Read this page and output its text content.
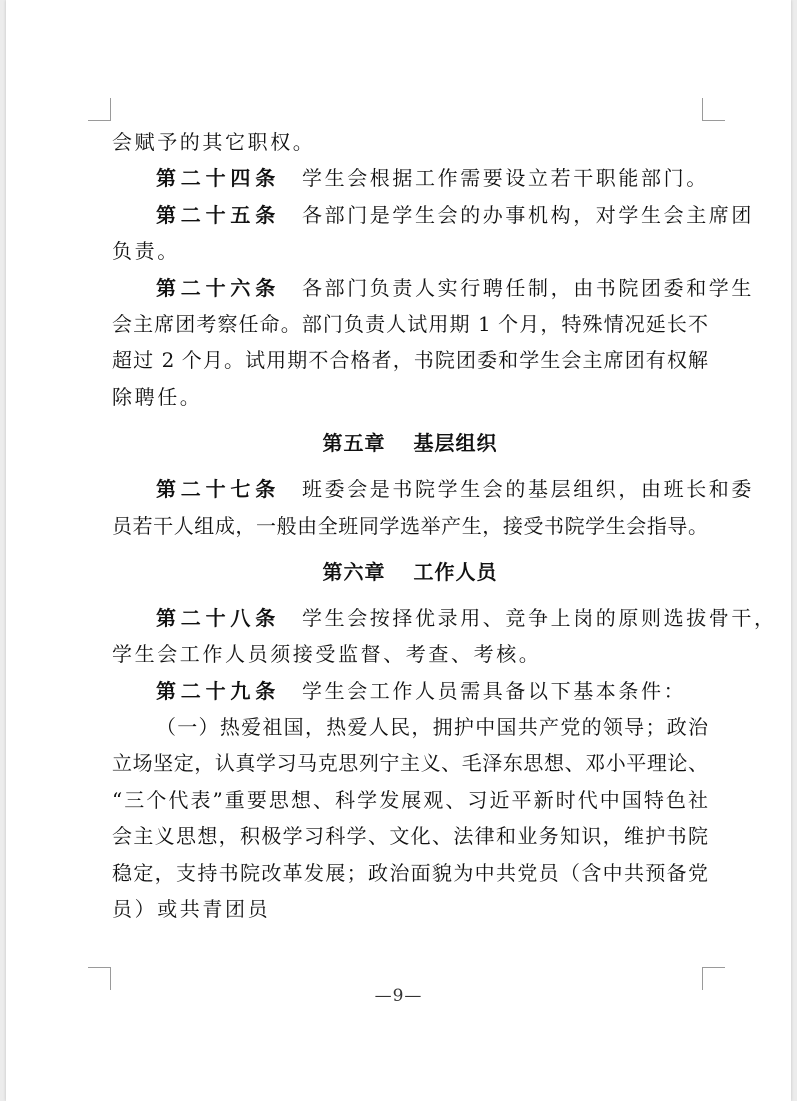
会赋予的其它职权。
第二十四条 学生会根据工作需要设立若干职能部门。
第二十五条 各部门是学生会的办事机构，对学生会主席团
负责。
第二十六条 各部门负责人实行聘任制，由书院团委和学生
会主席团考察任命。部门负责人试用期 1 个月，特殊情况延长不
超过 2 个月。试用期不合格者，书院团委和学生会主席团有权解
除聘任。
第五章 基层组织
第二十七条 班委会是书院学生会的基层组织，由班长和委
员若干人组成，一般由全班同学选举产生，接受书院学生会指导。
第六章 工作人员
第二十八条 学生会按择优录用、竞争上岗的原则选拔骨干，
学生会工作人员须接受监督、考查、考核。
第二十九条 学生会工作人员需具备以下基本条件：
（一）热爱祖国，热爱人民，拥护中国共产党的领导；政治
立场坚定，认真学习马克思列宁主义、毛泽东思想、邓小平理论、
“三个代表”重要思想、科学发展观、习近平新时代中国特色社
会主义思想，积极学习科学、文化、法律和业务知识，维护书院
稳定，支持书院改革发展；政治面貌为中共党员（含中共预备党
员）或共青团员
—9—
